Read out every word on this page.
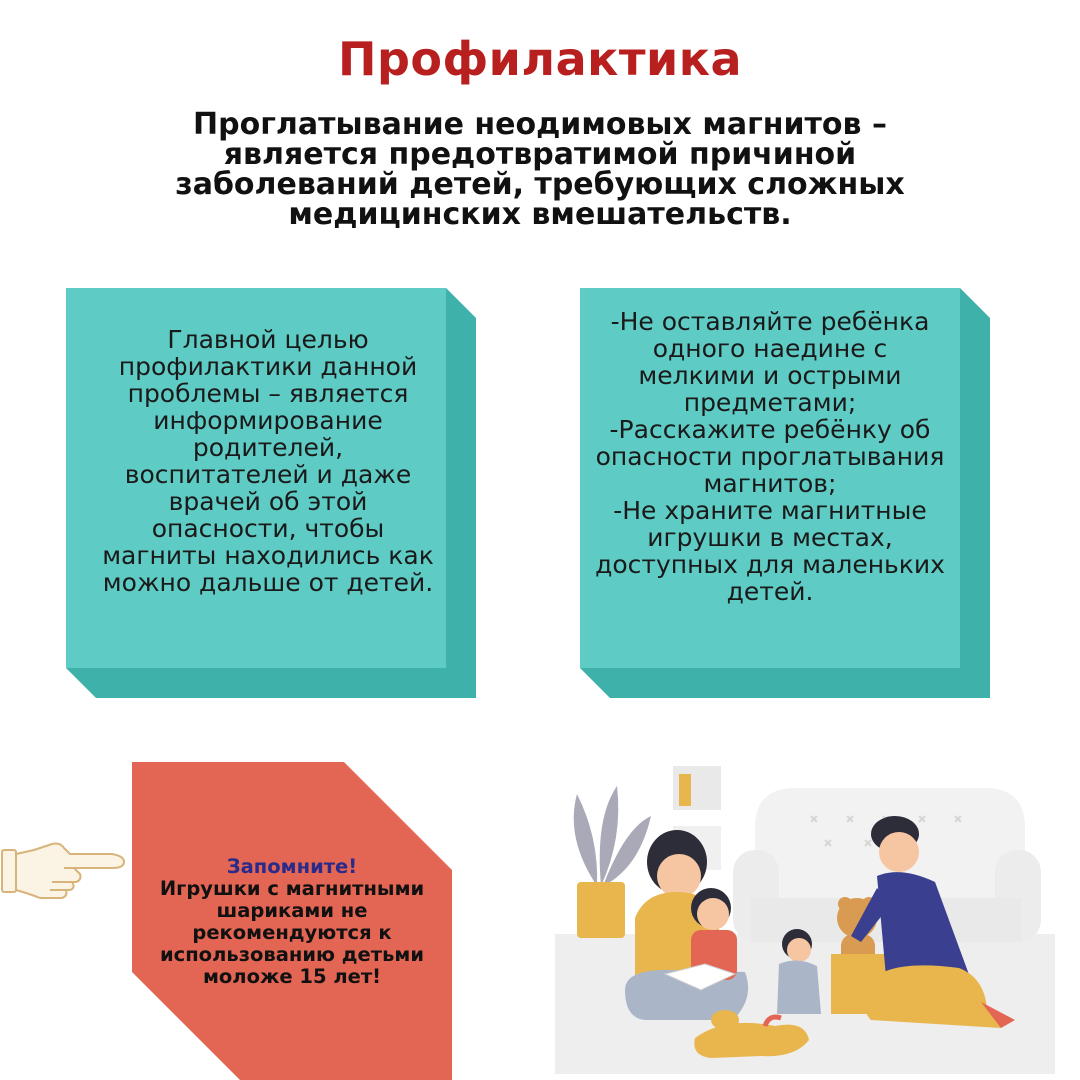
Профилактика
Проглатывание неодимовых магнитов – является предотвратимой причиной заболеваний детей, требующих сложных медицинских вмешательств.
Главной целью профилактики данной проблемы – является информирование родителей, воспитателей и даже врачей об этой опасности, чтобы магниты находились как можно дальше от детей.

-Не оставляйте ребёнка одного наедине с мелкими и острыми предметами;

-Расскажите ребёнку об опасности проглатывания магнитов;

-Не храните магнитные игрушки в местах, доступных для маленьких детей.

Запомните!
Игрушки с магнитными шариками не рекомендуются к использованию детьми моложе 15 лет!
